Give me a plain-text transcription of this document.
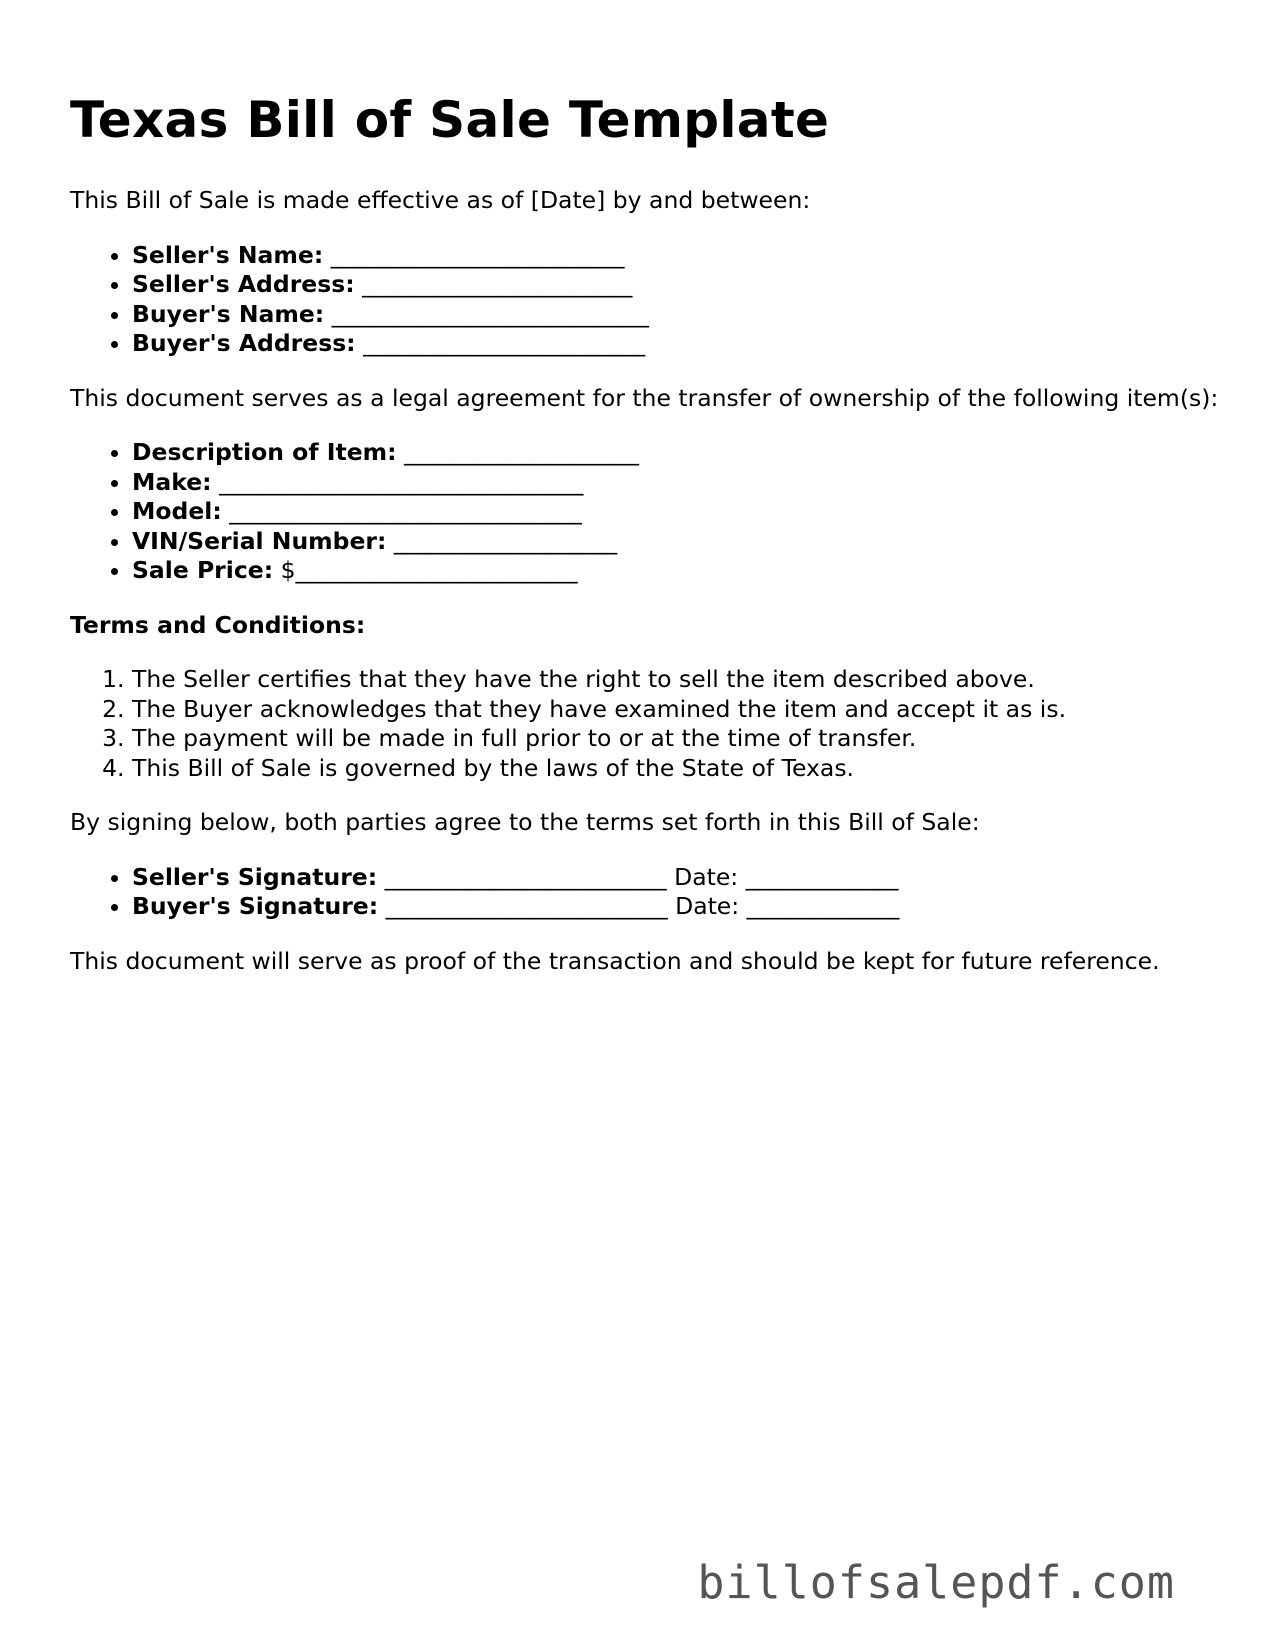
Texas Bill of Sale Template

This Bill of Sale is made effective as of [Date] by and between:

• Seller's Name: _________________________
• Seller's Address: _______________________
• Buyer's Name: ___________________________
• Buyer's Address: ________________________

This document serves as a legal agreement for the transfer of ownership of the following item(s):

• Description of Item: ____________________
• Make: _______________________________
• Model: ______________________________
• VIN/Serial Number: ___________________
• Sale Price: $________________________

Terms and Conditions:

1. The Seller certifies that they have the right to sell the item described above.
2. The Buyer acknowledges that they have examined the item and accept it as is.
3. The payment will be made in full prior to or at the time of transfer.
4. This Bill of Sale is governed by the laws of the State of Texas.

By signing below, both parties agree to the terms set forth in this Bill of Sale:

• Seller's Signature: ________________________ Date: _____________
• Buyer's Signature: ________________________ Date: _____________

This document will serve as proof of the transaction and should be kept for future reference.

billofsalepdf.com
